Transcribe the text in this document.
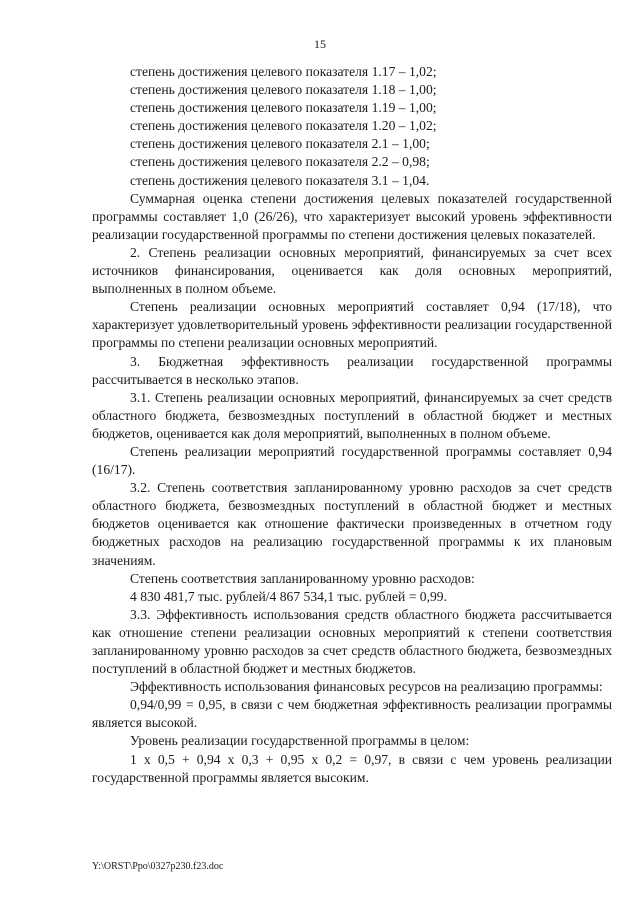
15

степень достижения целевого показателя 1.17 – 1,02;

степень достижения целевого показателя 1.18 – 1,00;

степень достижения целевого показателя 1.19 – 1,00;

степень достижения целевого показателя 1.20 – 1,02;

степень достижения целевого показателя 2.1 – 1,00;

степень достижения целевого показателя 2.2 – 0,98;

степень достижения целевого показателя 3.1 – 1,04.

Суммарная оценка степени достижения целевых показателей государственной программы составляет 1,0 (26/26), что характеризует высокий уровень эффективности реализации государственной программы по степени достижения целевых показателей.

2. Степень реализации основных мероприятий, финансируемых за счет всех источников финансирования, оценивается как доля основных мероприятий, выполненных в полном объеме.

Степень реализации основных мероприятий составляет 0,94 (17/18), что характеризует удовлетворительный уровень эффективности реализации государственной программы по степени реализации основных мероприятий.

3. Бюджетная эффективность реализации государственной программы рассчитывается в несколько этапов.

3.1. Степень реализации основных мероприятий, финансируемых за счет средств областного бюджета, безвозмездных поступлений в областной бюджет и местных бюджетов, оценивается как доля мероприятий, выполненных в полном объеме.

Степень реализации мероприятий государственной программы составляет 0,94 (16/17).

3.2. Степень соответствия запланированному уровню расходов за счет средств областного бюджета, безвозмездных поступлений в областной бюджет и местных бюджетов оценивается как отношение фактически произведенных в отчетном году бюджетных расходов на реализацию государственной программы к их плановым значениям.

Степень соответствия запланированному уровню расходов:

4 830 481,7 тыс. рублей/4 867 534,1 тыс. рублей = 0,99.

3.3. Эффективность использования средств областного бюджета рассчитывается как отношение степени реализации основных мероприятий к степени соответствия запланированному уровню расходов за счет средств областного бюджета, безвозмездных поступлений в областной бюджет и местных бюджетов.

Эффективность использования финансовых ресурсов на реализацию программы:

0,94/0,99 = 0,95, в связи с чем бюджетная эффективность реализации программы является высокой.

Уровень реализации государственной программы в целом:

1 х 0,5 + 0,94 х 0,3 + 0,95 х 0,2 = 0,97, в связи с чем уровень реализации государственной программы является высоким.

Y:\ORST\Ppo\0327p230.f23.doc
